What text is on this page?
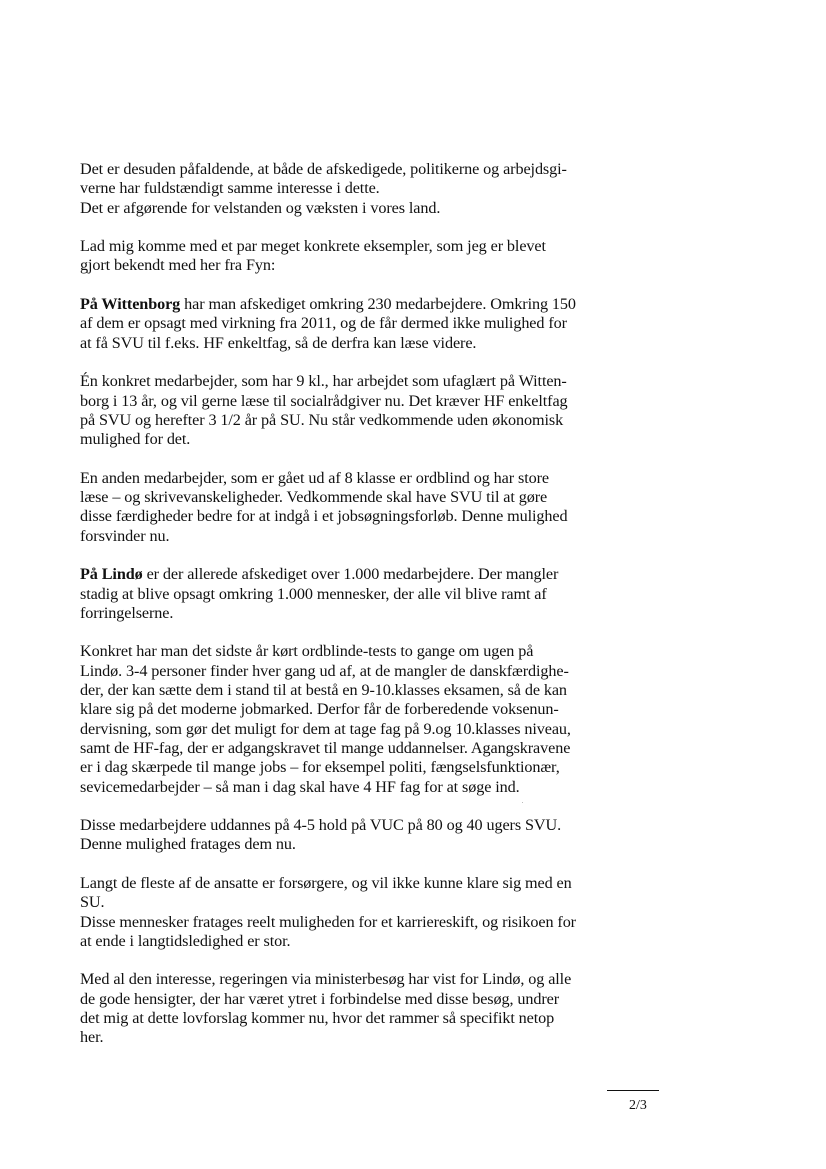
Det er desuden påfaldende, at både de afskedigede, politikerne og arbejdsgi-
verne har fuldstændigt samme interesse i dette.
Det er afgørende for velstanden og væksten i vores land.

Lad mig komme med et par meget konkrete eksempler, som jeg er blevet
gjort bekendt med her fra Fyn:

På Wittenborg har man afskediget omkring 230 medarbejdere. Omkring 150
af dem er opsagt med virkning fra 2011, og de får dermed ikke mulighed for
at få SVU til f.eks. HF enkeltfag, så de derfra kan læse videre.

Én konkret medarbejder, som har 9 kl., har arbejdet som ufaglært på Witten-
borg i 13 år, og vil gerne læse til socialrådgiver nu. Det kræver HF enkeltfag
på SVU og herefter 3 1/2 år på SU. Nu står vedkommende uden økonomisk
mulighed for det.

En anden medarbejder, som er gået ud af 8 klasse er ordblind og har store
læse – og skrivevanskeligheder. Vedkommende skal have SVU til at gøre
disse færdigheder bedre for at indgå i et jobsøgningsforløb. Denne mulighed
forsvinder nu.

På Lindø er der allerede afskediget over 1.000 medarbejdere. Der mangler
stadig at blive opsagt omkring 1.000 mennesker, der alle vil blive ramt af
forringelserne.

Konkret har man det sidste år kørt ordblinde-tests to gange om ugen på
Lindø. 3-4 personer finder hver gang ud af, at de mangler de danskfærdighe-
der, der kan sætte dem i stand til at bestå en 9-10.klasses eksamen, så de kan
klare sig på det moderne jobmarked. Derfor får de forberedende voksenun-
dervisning, som gør det muligt for dem at tage fag på 9.og 10.klasses niveau,
samt de HF-fag, der er adgangskravet til mange uddannelser. Agangskravene
er i dag skærpede til mange jobs – for eksempel politi, fængselsfunktionær,
sevicemedarbejder – så man i dag skal have 4 HF fag for at søge ind.

Disse medarbejdere uddannes på 4-5 hold på VUC på 80 og 40 ugers SVU.
Denne mulighed fratages dem nu.

Langt de fleste af de ansatte er forsørgere, og vil ikke kunne klare sig med en
SU.
Disse mennesker fratages reelt muligheden for et karriereskift, og risikoen for
at ende i langtidsledighed er stor.

Med al den interesse, regeringen via ministerbesøg har vist for Lindø, og alle
de gode hensigter, der har været ytret i forbindelse med disse besøg, undrer
det mig at dette lovforslag kommer nu, hvor det rammer så specifikt netop
her.

2/3
